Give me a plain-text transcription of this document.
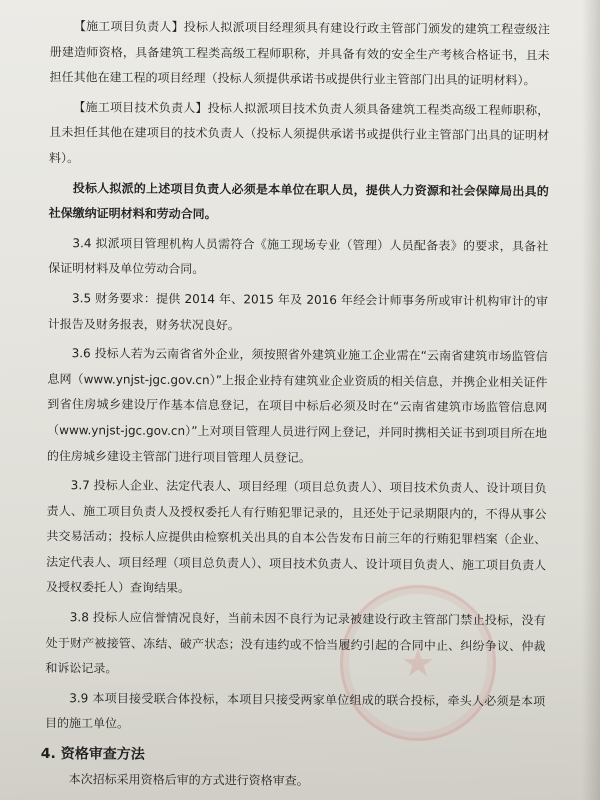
★

【施工项目负责人】投标人拟派项目经理须具有建设行政主管部门颁发的建筑工程壹级注册建造师资格，具备建筑工程类高级工程师职称，并具备有效的安全生产考核合格证书，且未担任其他在建工程的项目经理（投标人须提供承诺书或提供行业主管部门出具的证明材料）。

【施工项目技术负责人】投标人拟派项目技术负责人须具备建筑工程类高级工程师职称，且未担任其他在建项目的技术负责人（投标人须提供承诺书或提供行业主管部门出具的证明材料）。

投标人拟派的上述项目负责人必须是本单位在职人员，提供人力资源和社会保障局出具的社保缴纳证明材料和劳动合同。

3.4 拟派项目管理机构人员需符合《施工现场专业（管理）人员配备表》的要求，具备社保证明材料及单位劳动合同。

3.5 财务要求：提供 2014 年、2015 年及 2016 年经会计师事务所或审计机构审计的审计报告及财务报表，财务状况良好。

3.6 投标人若为云南省省外企业，须按照省外建筑业施工企业需在“云南省建筑市场监管信息网（www.ynjst-jgc.gov.cn）”上报企业持有建筑业企业资质的相关信息，并携企业相关证件到省住房城乡建设厅作基本信息登记，在项目中标后必须及时在“云南省建筑市场监管信息网（www.ynjst-jgc.gov.cn）”上对项目管理人员进行网上登记，并同时携相关证书到项目所在地的住房城乡建设主管部门进行项目管理人员登记。

3.7 投标人企业、法定代表人、项目经理（项目总负责人）、项目技术负责人、设计项目负责人、施工项目负责人及授权委托人有行贿犯罪记录的，且还处于记录期限内的，不得从事公共交易活动；投标人应提供由检察机关出具的自本公告发布日前三年的行贿犯罪档案（企业、法定代表人、项目经理（项目总负责人）、项目技术负责人、设计项目负责人、施工项目负责人及授权委托人）查询结果。

3.8 投标人应信誉情况良好，当前未因不良行为记录被建设行政主管部门禁止投标，没有处于财产被接管、冻结、破产状态；没有违约或不恰当履约引起的合同中止、纠纷争议、仲裁和诉讼记录。

3.9 本项目接受联合体投标，本项目只接受两家单位组成的联合投标，牵头人必须是本项目的施工单位。

4. 资格审查方法

本次招标采用资格后审的方式进行资格审查。
